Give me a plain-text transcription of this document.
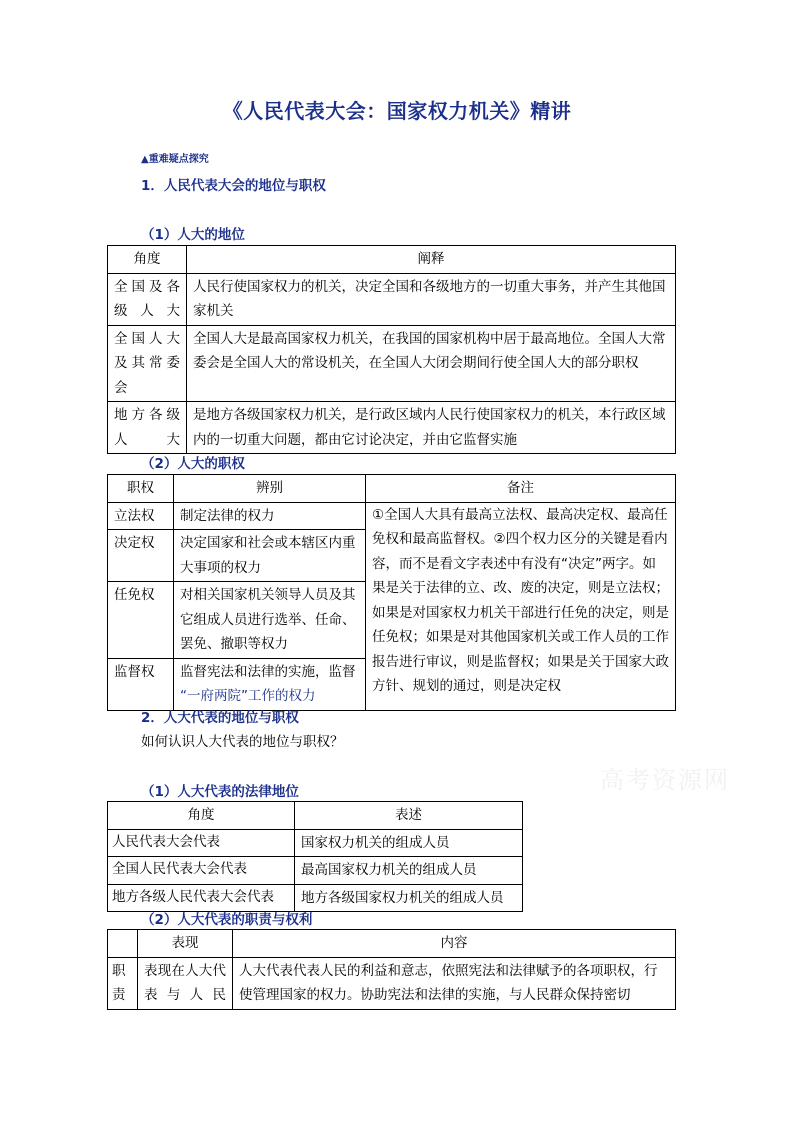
《人民代表大会：国家权力机关》精讲
▲重难疑点探究
1．人民代表大会的地位与职权
（1）人大的地位
角度	阐释
全国及各级人大	人民行使国家权力的机关，决定全国和各级地方的一切重大事务，并产生其他国家机关
全国人大及其常委会	全国人大是最高国家权力机关，在我国的国家机构中居于最高地位。全国人大常委会是全国人大的常设机关，在全国人大闭会期间行使全国人大的部分职权
地方各级人大	是地方各级国家权力机关，是行政区域内人民行使国家权力的机关，本行政区域内的一切重大问题，都由它讨论决定，并由它监督实施
（2）人大的职权
职权	辨别	备注
立法权	制定法律的权力	①全国人大具有最高立法权、最高决定权、最高任免权和最高监督权。②四个权力区分的关键是看内容，而不是看文字表述中有没有“决定”两字。如果是关于法律的立、改、废的决定，则是立法权；如果是对国家权力机关干部进行任免的决定，则是任免权；如果是对其他国家机关或工作人员的工作报告进行审议，则是监督权；如果是关于国家大政方针、规划的通过，则是决定权

决定权	决定国家和社会或本辖区内重大事项的权力	
任免权	对相关国家机关领导人员及其它组成人员进行选举、任命、罢免、撤职等权力	
监督权	监督宪法和法律的实施，监督
“一府两院”工作的权力	
2．人大代表的地位与职权
如何认识人大代表的地位与职权？
高考资源网
（1）人大代表的法律地位
角度	表述
人民代表大会代表	国家权力机关的组成人员
全国人民代表大会代表	最高国家权力机关的组成人员
地方各级人民代表大会代表	地方各级国家权力机关的组成人员
（2）人大代表的职责与权利
	表现	内容
职责	表现在人大代表与人民	人大代表代表人民的利益和意志，依照宪法和法律赋予的各项职权，行使管理国家的权力。协助宪法和法律的实施，与人民群众保持密切
